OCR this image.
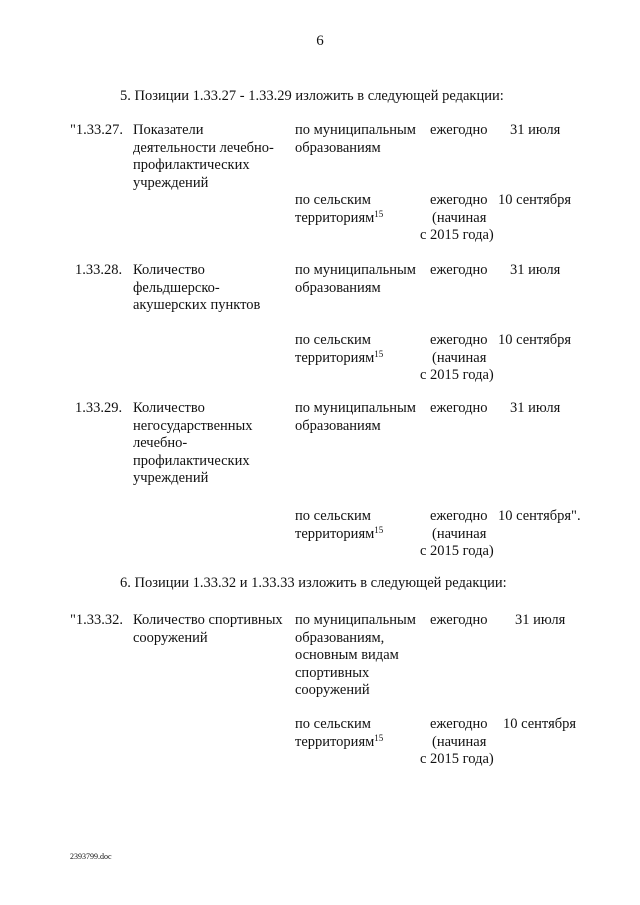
6
5. Позиции 1.33.27 - 1.33.29 изложить в следующей редакции:
6. Позиции 1.33.32 и 1.33.33 изложить в следующей редакции:
"1.33.27. Показатели
деятельности лечебно-
профилактических
учреждений
по муниципальным
образованиям
ежегодно 31 июля
по сельским
территориям$^{15}$
ежегодно
(начиная
с 2015 года)
10 сентября
1.33.28. Количество
фельдшерско-
акушерских пунктов
по муниципальным
образованиям
ежегодно 31 июля
по сельским
территориям$^{15}$
ежегодно
(начиная
с 2015 года)
10 сентября
1.33.29. Количество
негосударственных
лечебно-
профилактических
учреждений
по муниципальным
образованиям
ежегодно 31 июля
по сельским
территориям$^{15}$
ежегодно
(начиная
с 2015 года)
10 сентября".
"1.33.32. Количество спортивных
сооружений
по муниципальным
образованиям,
основным видам
спортивных
сооружений
ежегодно 31 июля
по сельским
территориям$^{15}$
ежегодно
(начиная
с 2015 года)
10 сентября
2393799.doc
